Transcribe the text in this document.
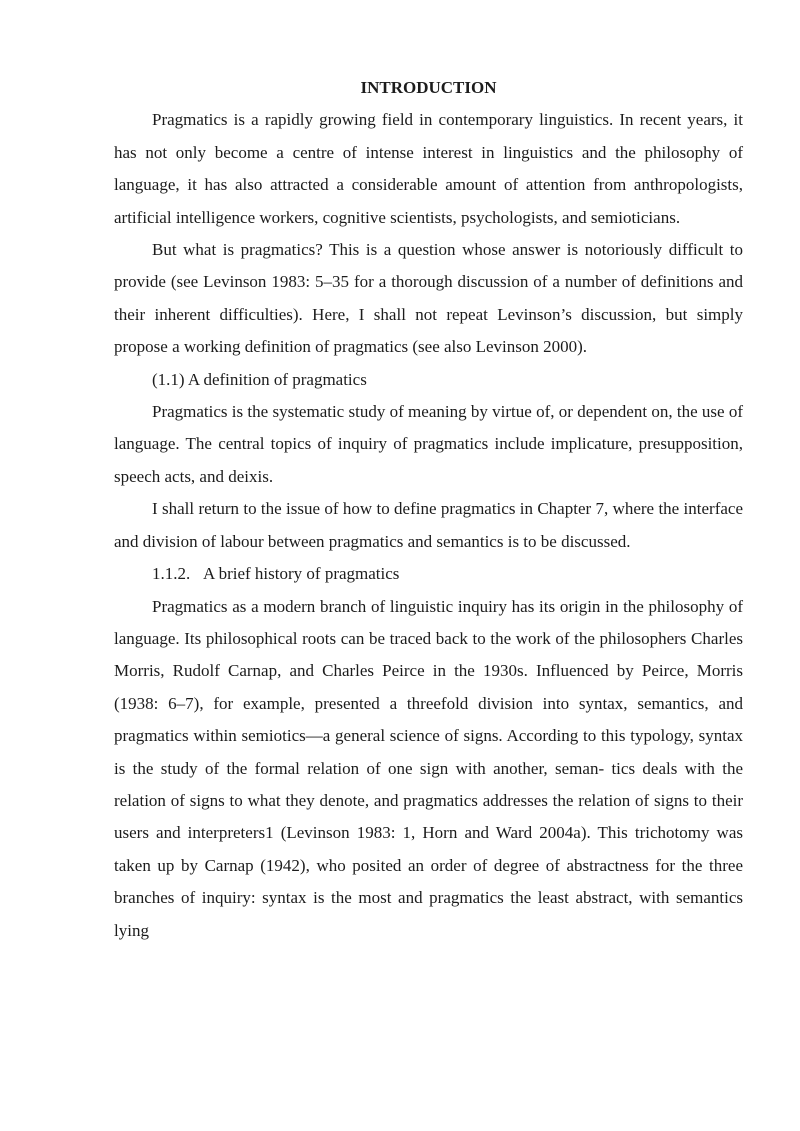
INTRODUCTION

Pragmatics is a rapidly growing field in contemporary linguistics. In recent years, it has not only become a centre of intense interest in linguistics and the philosophy of language, it has also attracted a considerable amount of attention from anthropologists, artificial intelligence workers, cognitive scientists, psychologists, and semioticians.

But what is pragmatics? This is a question whose answer is notoriously difficult to provide (see Levinson 1983: 5–35 for a thorough discussion of a number of definitions and their inherent difficulties). Here, I shall not repeat Levinson’s discussion, but simply propose a working definition of pragmatics (see also Levinson 2000).

(1.1) A definition of pragmatics

Pragmatics is the systematic study of meaning by virtue of, or dependent on, the use of language. The central topics of inquiry of pragmatics include implicature, presupposition, speech acts, and deixis.

I shall return to the issue of how to define pragmatics in Chapter 7, where the interface and division of labour between pragmatics and semantics is to be discussed.

1.1.2.   A brief history of pragmatics

Pragmatics as a modern branch of linguistic inquiry has its origin in the philosophy of language. Its philosophical roots can be traced back to the work of the philosophers Charles Morris, Rudolf Carnap, and Charles Peirce in the 1930s. Influenced by Peirce, Morris (1938: 6–7), for example, presented a threefold division into syntax, semantics, and pragmatics within semiotics—a general science of signs. According to this typology, syntax is the study of the formal relation of one sign with another, seman- tics deals with the relation of signs to what they denote, and pragmatics addresses the relation of signs to their users and interpreters1 (Levinson 1983: 1, Horn and Ward 2004a). This trichotomy was taken up by Carnap (1942), who posited an order of degree of abstractness for the three branches of inquiry: syntax is the most and pragmatics the least abstract, with semantics lying
